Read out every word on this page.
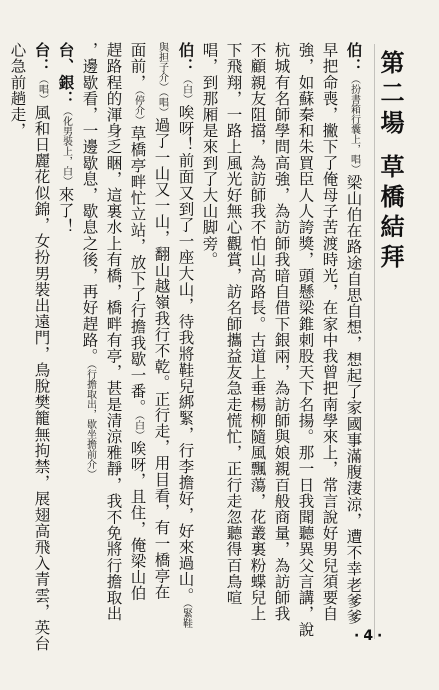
第二場草橋結拜
伯：（扮書箱行囊上，唱）梁山伯在路途自思自想，想起了家國事滿腹淒涼，遭不幸老爹爹
早把命喪，撇下了俺母子苦渡時光，在家中我曾把南學來上，常言說好男兒須要自
強，如蘇秦和朱買臣人人誇獎，頭懸梁錐刺股天下名揚。那一日我聞聽異父言講，說
杭城有名師學問高強，為訪師我暗自借下銀兩，為訪師與娘親百般商量，為訪師我
不顧親友阻擋，為訪師我不怕山高路長。古道上垂楊柳隨風飄蕩，花叢裏粉蝶兒上
下飛翔，一路上風光好無心觀賞，訪名師攜益友急走慌忙，正行走忽聽得百鳥喧
唱，到那厢是來到了大山脚旁。
伯：（白）唉呀！前面又到了一座大山，待我將鞋兒綁緊，行李擔好，好來過山。（緊鞋
與担子介）（唱）過了一山又一山，翻山越嶺我行不乾。正行走，用目看，有一橋亭在
面前，（停介）草橋亭畔忙立站，放下了行擔我歇一番。（白）唉呀，且住，俺梁山伯
趕路程的渾身乏睏，這裏水上有橋，橋畔有亭，甚是清涼雅靜，我不免將行擔取出
，邊歇看，一邊歇息，歇息之後，再好趕路。（行擔取出，歇坐擔前介）
台、銀：（化男裝上，白）來了！
台：（唱）風和日麗花似錦，女扮男裝出遠門，鳥脫樊籠無拘禁，展翅高飛入青雲，英台
心急前趟走，
·4·
